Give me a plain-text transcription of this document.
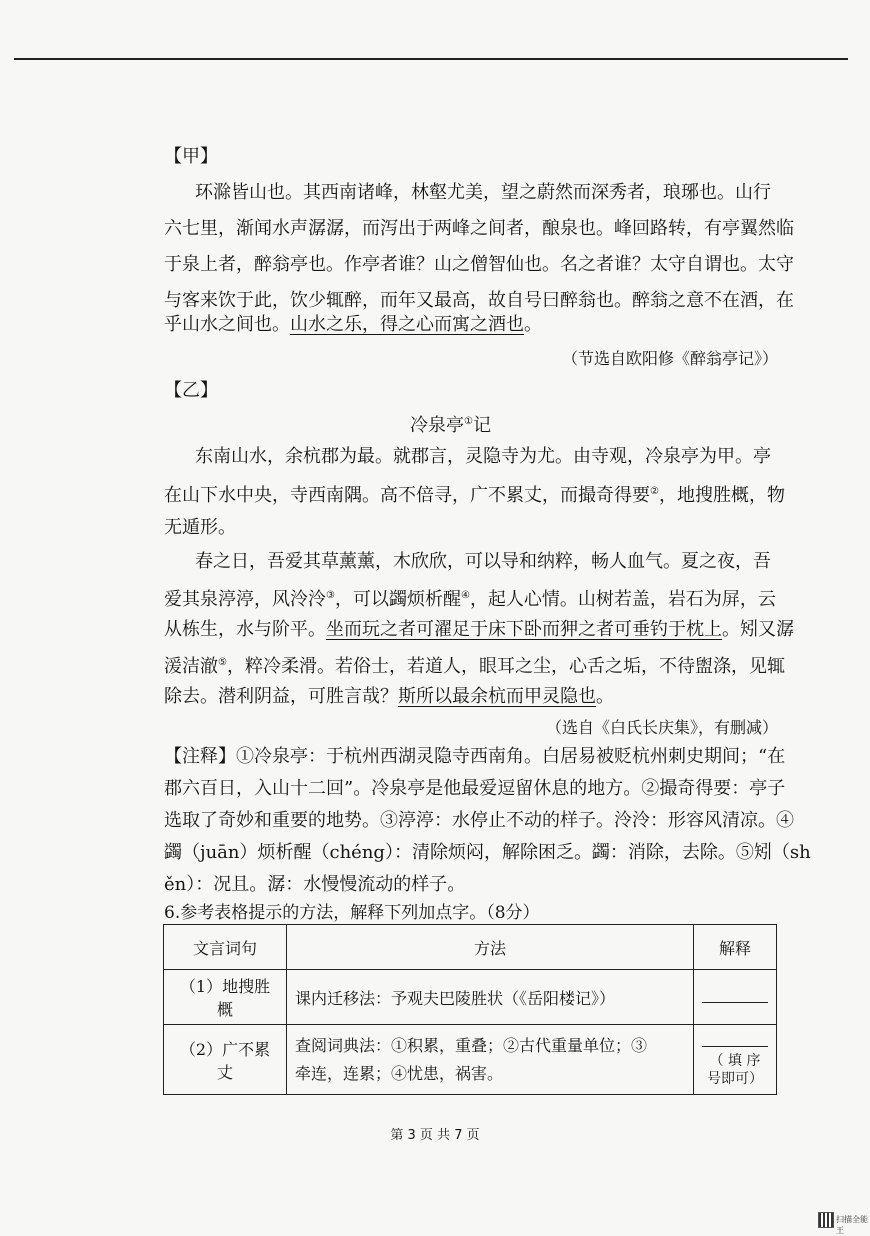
【甲】
环滁皆山也。其西南诸峰，林壑尤美，望之蔚然而深秀者，琅琊也。山行
六七里，渐闻水声潺潺，而泻出于两峰之间者，酿泉也。峰回路转，有亭翼然临
于泉上者，醉翁亭也。作亭者谁？山之僧智仙也。名之者谁？太守自谓也。太守
与客来饮于此，饮少辄醉，而年又最高，故自号曰醉翁也。醉翁之意不在酒，在
乎山水之间也。山水之乐，得之心而寓之酒也。
（节选自欧阳修《醉翁亭记》）
【乙】
冷泉亭①记
东南山水，余杭郡为最。就郡言，灵隐寺为尤。由寺观，冷泉亭为甲。亭
在山下水中央，寺西南隅。高不倍寻，广不累丈，而撮奇得要②，地搜胜概，物
无遁形。
春之日，吾爱其草薰薰，木欣欣，可以导和纳粹，畅人血气。夏之夜，吾
爱其泉渟渟，风泠泠③，可以蠲烦析醒④，起人心情。山树若盖，岩石为屏，云
从栋生，水与阶平。坐而玩之者可濯足于床下卧而狎之者可垂钓于枕上。矧又潺
湲洁澈⑤，粹冷柔滑。若俗士，若道人，眼耳之尘，心舌之垢，不待盥涤，见辄
除去。潜利阴益，可胜言哉？斯所以最余杭而甲灵隐也。
（选自《白氏长庆集》，有删减）
【注释】①冷泉亭：于杭州西湖灵隐寺西南角。白居易被贬杭州刺史期间；“在
郡六百日，入山十二回”。冷泉亭是他最爱逗留休息的地方。②撮奇得要：亭子
选取了奇妙和重要的地势。③渟渟：水停止不动的样子。泠泠：形容风清凉。④
蠲（juān）烦析醒（chéng）：清除烦闷，解除困乏。蠲：消除，去除。⑤矧（sh
ěn）：况且。潺：水慢慢流动的样子。
6.参考表格提示的方法，解释下列加点字。（8分）
文言词句	方法	解释
（1）地搜胜概	课内迁移法：予观夫巴陵胜状（《岳阳楼记》）	
（2）广不累丈	查阅词典法：①积累，重叠；②古代重量单位；③
牵连，连累；④忧患，祸害。	（ 填 序 号即可）
第 3 页 共 7 页
扫描全能王
